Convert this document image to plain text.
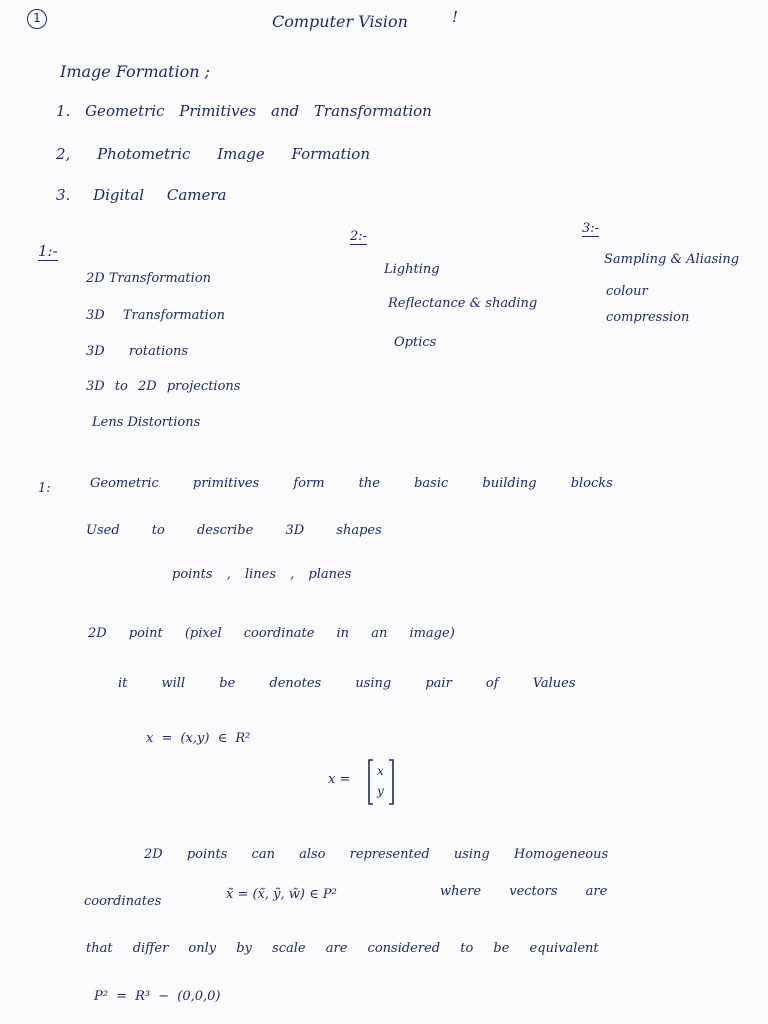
1	Computer Vision	!
Image Formation ;
1. Geometric Primitives and Transformation
2, Photometric Image Formation
3. Digital Camera
1:-
2D Transformation
3D Transformation
3D rotations
3D to 2D projections
Lens Distortions
2:-
Lighting
Reflectance & shading
Optics
3:-
Sampling & Aliasing
colour
compression
1:	Geometric primitives form the basic building blocks
Used to describe 3D shapes
points , lines , planes
2D point (pixel coordinate in an image)
it will be denotes using pair of Values
x = (x,y) ∈ R²
x =
x
y
2D points can also represented using Homogeneous
coordinates	x̃ = (x̃, ỹ, w̃) ∈ P²	where vectors are
that differ only by scale are considered to be equivalent
P² = R³ − (0,0,0)
